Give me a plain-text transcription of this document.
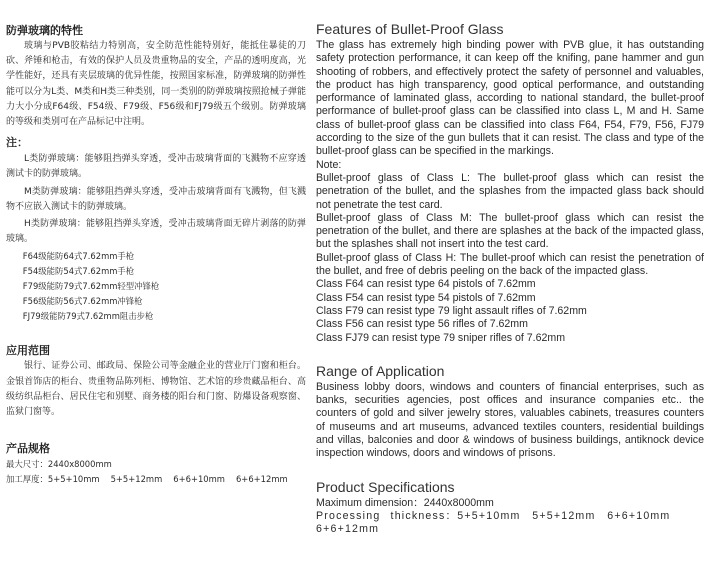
防弹玻璃的特性

玻璃与PVB胶粘结力特别高，安全防范性能特别好，能抵住暴徒的刀砍、斧锤和枪击，有效的保护人员及贵重物品的安全，产品的透明度高，光学性能好，还具有夹层玻璃的优异性能，按照国家标准，防弹玻璃的防弹性能可以分为L类、M类和H类三种类别，同一类别的防弹玻璃按照抢械子弹能力大小分成F64级、F54级、F79级、F56级和FJ79级五个级别。防弹玻璃的等级和类别可在产品标记中注明。

注：

L类防弹玻璃：能够阻挡弹头穿透，受冲击玻璃背面的飞溅物不应穿透测试卡的防弹玻璃。

M类防弹玻璃：能够阻挡弹头穿透，受冲击玻璃背面有飞溅物，但飞溅物不应嵌入测试卡的防弹玻璃。

H类防弹玻璃：能够阻挡弹头穿透，受冲击玻璃背面无碎片剥落的防弹玻璃。

F64级能防64式7.62mm手枪

F54级能防54式7.62mm手枪

F79级能防79式7.62mm轻型冲锋枪

F56级能防56式7.62mm冲锋枪

FJ79级能防79式7.62mm阻击步枪

应用范围

银行、证券公司、邮政局、保险公司等金融企业的营业厅门窗和柜台。金银首饰店的柜台、贵重物品陈列柜、博物馆、艺术馆的珍贵藏品柜台、高级纺织品柜台、居民住宅和别墅、商务楼的阳台和门窗、防爆设备观察窗、监狱门窗等。

产品规格

最大尺寸：2440x8000mm

加工厚度：5+5+10mm　 5+5+12mm　 6+6+10mm　 6+6+12mm

Features of Bullet-Proof Glass

The glass has extremely high binding power with PVB glue, it has outstanding safety protection performance, it can keep off the knifing, pane hammer and gun shooting of robbers, and effectively protect the safety of personnel and valuables, the product has high transparency, good optical performance, and outstanding performance of laminated glass, according to national standard, the bullet-proof performance of bullet-proof glass can be classified into class L, M and H. Same class of bullet-proof glass can be classified into class F64, F54, F79, F56, FJ79 according to the size of the gun bullets that it can resist. The class and type of the bullet-proof glass can be specified in the markings.

Note:

Bullet-proof glass of Class L: The bullet-proof glass which can resist the penetration of the bullet, and the splashes from the impacted glass back should not penetrate the test card.

Bullet-proof glass of Class M: The bullet-proof glass which can resist the penetration of the bullet, and there are splashes at the back of the impacted glass, but the splashes shall not insert into the test card.

Bullet-proof glass of Class H: The bullet-proof which can resist the penetration of the bullet, and free of debris peeling on the back of the impacted glass.

Class F64 can resist type 64 pistols of 7.62mm

Class F54 can resist type 54 pistols of 7.62mm

Class F79 can resist type 79 light assault rifles of 7.62mm

Class F56 can resist type 56 rifles of 7.62mm

Class FJ79 can resist type 79 sniper rifles of 7.62mm

Range of Application

Business lobby doors, windows and counters of financial enterprises, such as banks, securities agencies, post offices and insurance companies etc.. the counters of gold and silver jewelry stores, valuables cabinets, treasures counters of museums and art museums, advanced textiles counters, residential buildings and villas, balconies and door & windows of business buildings, antiknock device inspection windows, doors and windows of prisons.

Product Specifications

Maximum dimension：2440x8000mm

Processing thickness：5+5+10mm　5+5+12mm　6+6+10mm 6+6+12mm
